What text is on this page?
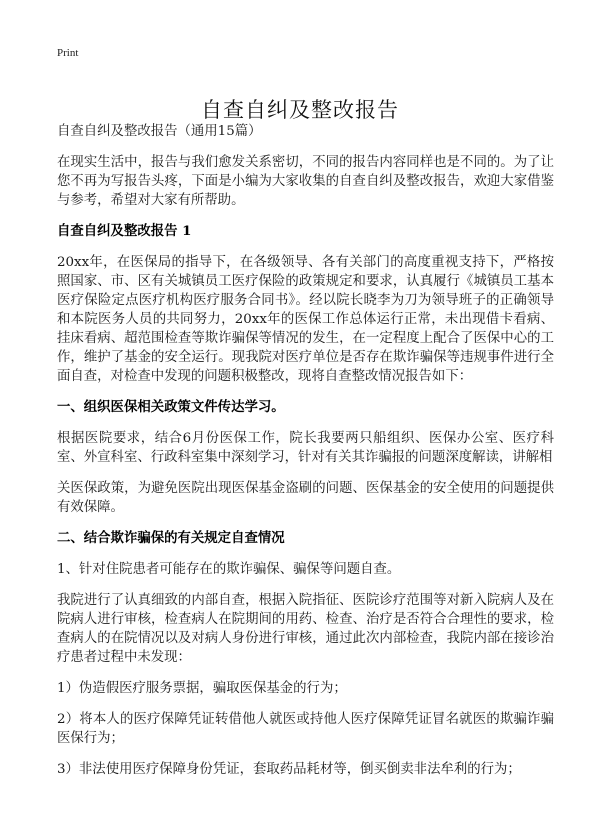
Print
自查自纠及整改报告

自查自纠及整改报告（通用15篇）

在现实生活中，报告与我们愈发关系密切，不同的报告内容同样也是不同的。为了让您不再为写报告头疼，下面是小编为大家收集的自查自纠及整改报告，欢迎大家借鉴与参考，希望对大家有所帮助。

自查自纠及整改报告 1

20xx年，在医保局的指导下，在各级领导、各有关部门的高度重视支持下，严格按照国家、市、区有关城镇员工医疗保险的政策规定和要求，认真履行《城镇员工基本医疗保险定点医疗机构医疗服务合同书》。经以院长晓李为刀为领导班子的正确领导和本院医务人员的共同努力，20xx年的医保工作总体运行正常，未出现借卡看病、挂床看病、超范围检查等欺诈骗保等情况的发生，在一定程度上配合了医保中心的工作，维护了基金的安全运行。现我院对医疗单位是否存在欺诈骗保等违规事件进行全面自查，对检查中发现的问题积极整改，现将自查整改情况报告如下：

一、组织医保相关政策文件传达学习。

根据医院要求，结合6月份医保工作，院长我要两只船组织、医保办公室、医疗科室、外宣科室、行政科室集中深刻学习，针对有关其诈骗报的问题深度解读，讲解相

关医保政策，为避免医院出现医保基金盗刷的问题、医保基金的安全使用的问题提供有效保障。

二、结合欺诈骗保的有关规定自查情况

1、针对住院患者可能存在的欺诈骗保、骗保等问题自查。

我院进行了认真细致的内部自查，根据入院指征、医院诊疗范围等对新入院病人及在院病人进行审核，检查病人在院期间的用药、检查、治疗是否符合合理性的要求，检查病人的在院情况以及对病人身份进行审核，通过此次内部检查，我院内部在接诊治疗患者过程中未发现：

1）伪造假医疗服务票据，骗取医保基金的行为；

2）将本人的医疗保障凭证转借他人就医或持他人医疗保障凭证冒名就医的欺骗诈骗医保行为；

3）非法使用医疗保障身份凭证，套取药品耗材等，倒买倒卖非法牟利的行为；
